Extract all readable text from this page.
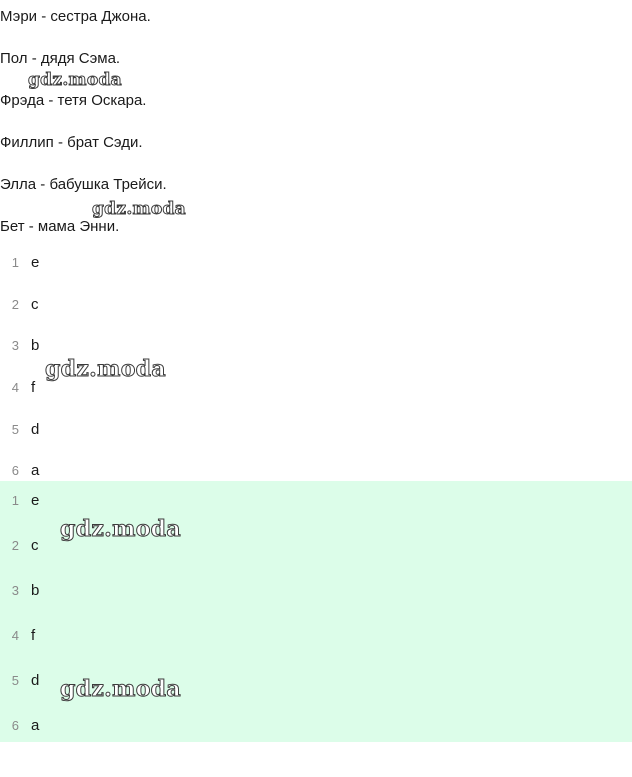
Мэри - сестра Джона.
Пол - дядя Сэма.
Фрэда - тетя Оскара.
Филлип - брат Сэди.
Элла - бабушка Трейси.
Бет - мама Энни.
1 e
2 c
3 b
4 f
5 d
6 a
1 e
2 c
3 b
4 f
5 d
6 a
gdz.moda
gdz.moda
gdz.moda
gdz.moda
gdz.moda
